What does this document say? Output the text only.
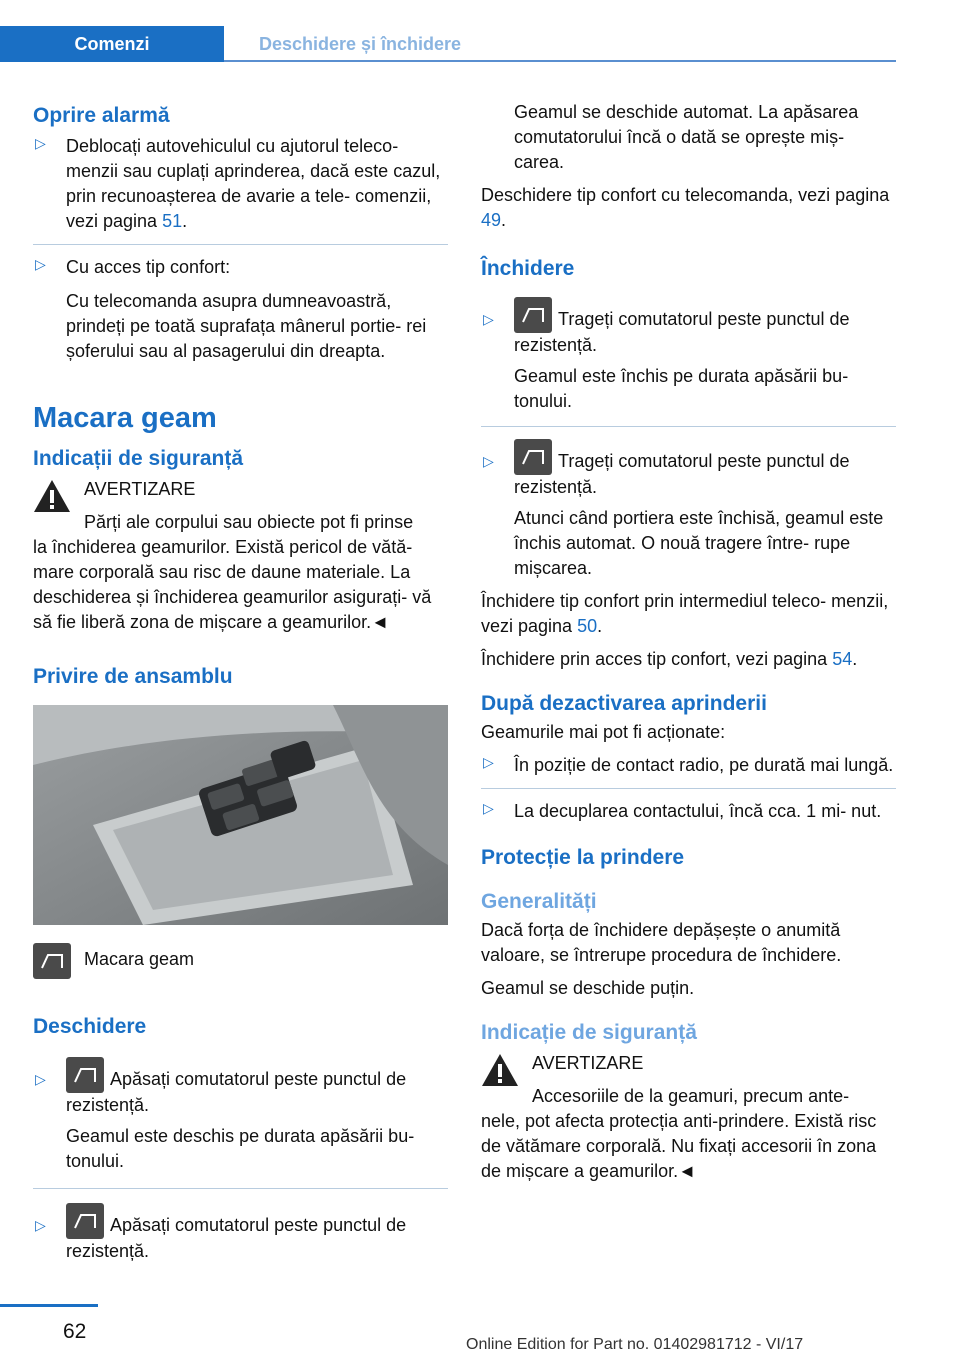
Comenzi	Deschidere și închidere
Oprire alarmă
▷ Deblocați autovehiculul cu ajutorul teleco‐ menzii sau cuplați aprinderea, dacă este cazul, prin recunoașterea de avarie a tele‐ comenzii, vezi pagina 51.

▷ Cu acces tip confort:

Cu telecomanda asupra dumneavoastră, prindeți pe toată suprafața mânerul portie‐ rei șoferului sau al pasagerului din dreapta.

Macara geam
Indicații de siguranță
AVERTIZARE

Părți ale corpului sau obiecte pot fi prinse

la închiderea geamurilor. Există pericol de vătă‐ mare corporală sau risc de daune materiale. La deschiderea și închiderea geamurilor asigurați- vă să fie liberă zona de mișcare a geamurilor.◄

Privire de ansamblu

Macara geam

Deschidere
▷	Apăsați comutatorul peste punctul de rezistență.

Geamul este deschis pe durata apăsării bu‐ tonului.

▷	Apăsați comutatorul peste punctul de rezistență.

Geamul se deschide automat. La apăsarea comutatorului încă o dată se oprește miș‐ carea.

Deschidere tip confort cu telecomanda, vezi pagina 49.

Închidere
▷	Trageți comutatorul peste punctul de rezistență.

Geamul este închis pe durata apăsării bu‐ tonului.

▷	Trageți comutatorul peste punctul de rezistență.

Atunci când portiera este închisă, geamul este închis automat. O nouă tragere între‐ rupe mișcarea.

Închidere tip confort prin intermediul teleco‐ menzii, vezi pagina 50.

Închidere prin acces tip confort, vezi pagina 54.

După dezactivarea aprinderii

Geamurile mai pot fi acționate:

▷ În poziție de contact radio, pe durată mai lungă.

▷ La decuplarea contactului, încă cca. 1 mi‐ nut.

Protecție la prindere
Generalități

Dacă forța de închidere depășește o anumită valoare, se întrerupe procedura de închidere.

Geamul se deschide puțin.

Indicație de siguranță
AVERTIZARE

Accesoriile de la geamuri, precum ante‐

nele, pot afecta protecția anti-prindere. Există risc de vătămare corporală. Nu fixați accesorii în zona de mișcare a geamurilor.◄

62
Online Edition for Part no. 01402981712 - VI/17
